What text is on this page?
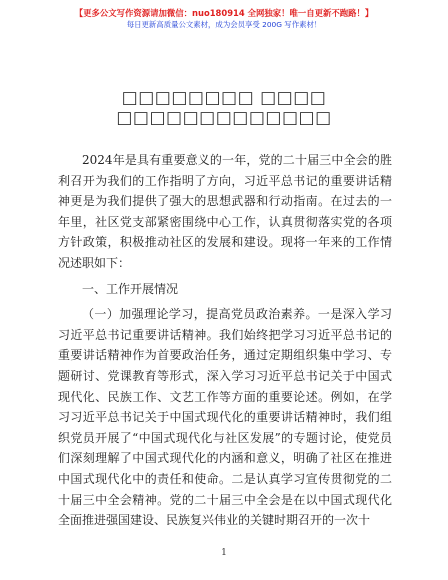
【更多公文写作资源请加微信：nuo180914 全网独家！唯一自更新不跑路！】
每日更新高质量公文素材，成为会员享受 200G 写作素材！
□□□□□□□□ □□□□ □□□□□□□□□□□□□

2024年是具有重要意义的一年，党的二十届三中全会的胜利召开为我们的工作指明了方向，习近平总书记的重要讲话精神更是为我们提供了强大的思想武器和行动指南。在过去的一年里，社区党支部紧密围绕中心工作，认真贯彻落实党的各项方针政策，积极推动社区的发展和建设。现将一年来的工作情况述职如下：

一、工作开展情况

（一）加强理论学习，提高党员政治素养。一是深入学习习近平总书记重要讲话精神。我们始终把学习习近平总书记的重要讲话精神作为首要政治任务，通过定期组织集中学习、专题研讨、党课教育等形式，深入学习习近平总书记关于中国式现代化、民族工作、文艺工作等方面的重要论述。例如，在学习习近平总书记关于中国式现代化的重要讲话精神时，我们组织党员开展了“中国式现代化与社区发展”的专题讨论，使党员们深刻理解了中国式现代化的内涵和意义，明确了社区在推进中国式现代化中的责任和使命。二是认真学习宣传贯彻党的二十届三中全会精神。党的二十届三中全会是在以中国式现代化全面推进强国建设、民族复兴伟业的关键时期召开的一次十

1
